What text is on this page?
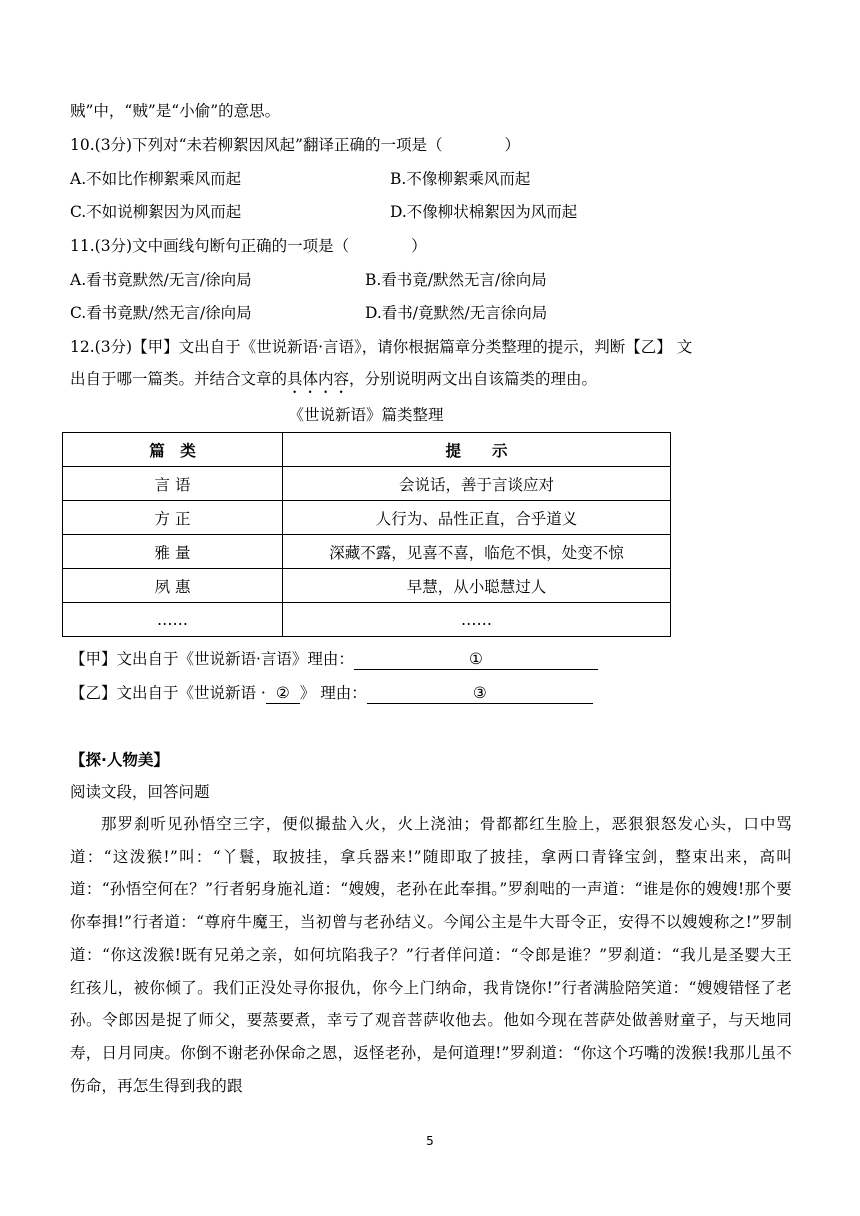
贼”中，“贼”是“小偷”的意思。
10.(3分)下列对“未若柳絮因风起”翻译正确的一项是（　　　　）
A.不如比作柳絮乘风而起	B.不像柳絮乘风而起
C.不如说柳絮因为风而起	D.不像柳状棉絮因为风而起
11.(3分)文中画线句断句正确的一项是（　　　　）
A.看书竟默然/无言/徐向局	B.看书竟/默然无言/徐向局
C.看书竟默/然无言/徐向局	D.看书/竟默然/无言徐向局
12.(3分)【甲】文出自于《世说新语·言语》，请你根据篇章分类整理的提示，判断【乙】 文
出自于哪一篇类。并结合文章的具体内容，分别说明两文出自该篇类的理由。
《世说新语》篇类整理
篇　类	提　　示
言 语	会说话，善于言谈应对
方 正	人行为、品性正直，合乎道义
雅 量	深藏不露，见喜不喜，临危不惧，处变不惊
夙 惠	早慧，从小聪慧过人
……	……
【甲】文出自于《世说新语·言语》理由：	①
【乙】文出自于《世说新语 · ② 》 理由：	③
【探·人物美】
阅读文段，回答问题
那罗刹听见孙悟空三字，便似撮盐入火，火上浇油；骨都都红生脸上，恶狠狠怒发心头，口中骂道：“这泼猴!”叫：“丫鬟，取披挂，拿兵器来!”随即取了披挂，拿两口青锋宝剑，整束出来，高叫道：“孙悟空何在？”行者躬身施礼道：“嫂嫂，老孙在此奉揖。”罗刹咄的一声道：“谁是你的嫂嫂!那个要你奉揖!”行者道：“尊府牛魔王，当初曾与老孙结义。今闻公主是牛大哥令正，安得不以嫂嫂称之!”罗制道：“你这泼猴!既有兄弟之亲，如何坑陷我子？”行者佯问道：“令郎是谁？”罗刹道：“我儿是圣婴大王红孩儿，被你倾了。我们正没处寻你报仇，你今上门纳命，我肯饶你!”行者满脸陪笑道：“嫂嫂错怪了老孙。令郎因是捉了师父，要蒸要煮，幸亏了观音菩萨收他去。他如今现在菩萨处做善财童子，与天地同寿，日月同庚。你倒不谢老孙保命之恩，返怪老孙，是何道理!”罗刹道：“你这个巧嘴的泼猴!我那儿虽不伤命，再怎生得到我的跟
5
